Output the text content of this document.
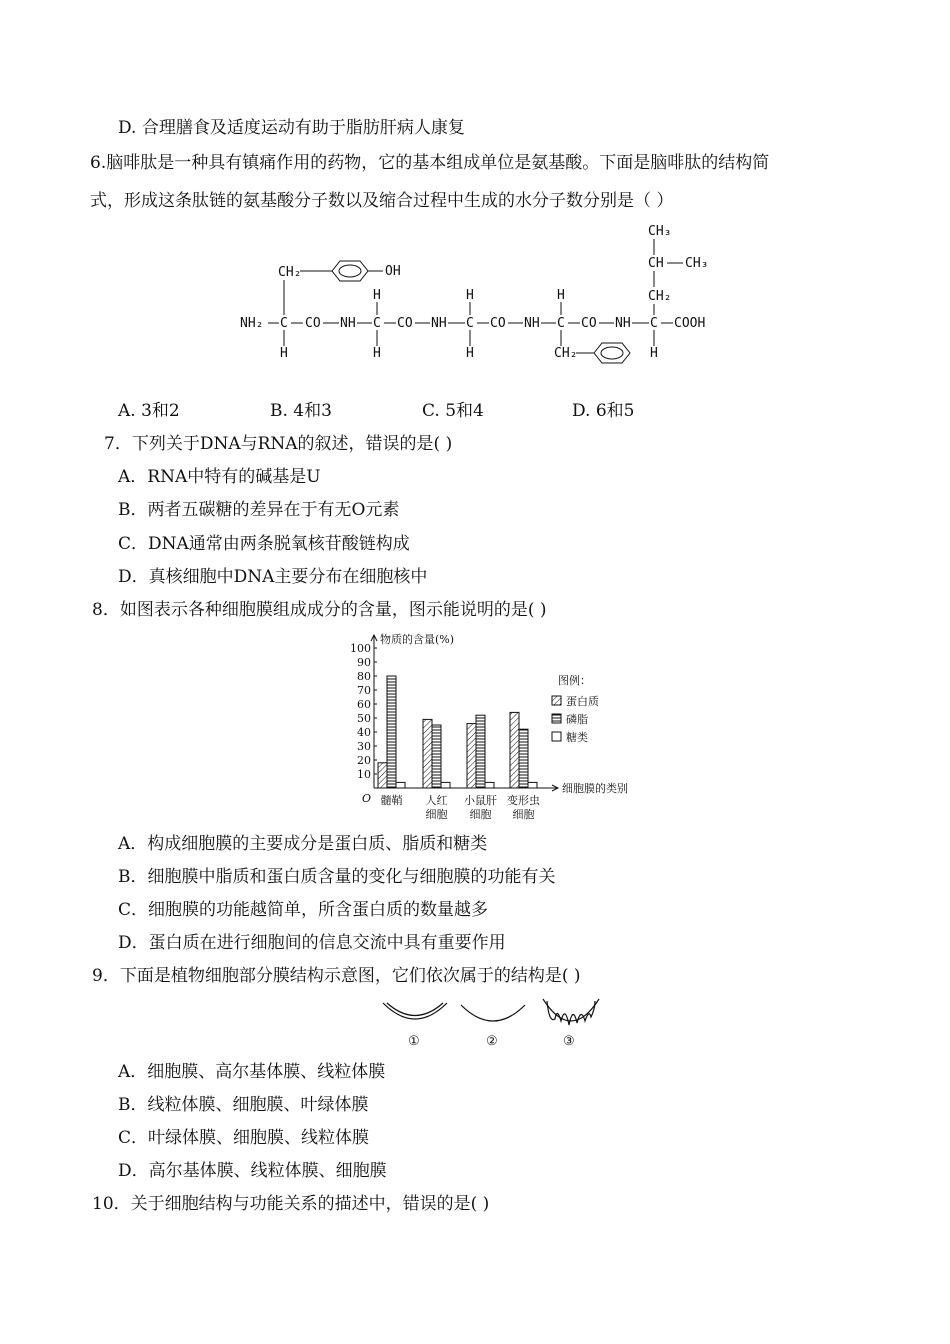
D. 合理膳食及适度运动有助于脂肪肝病人康复
6.脑啡肽是一种具有镇痛作用的药物，它的基本组成单位是氨基酸。下面是脑啡肽的结构简
式，形成这条肽链的氨基酸分子数以及缩合过程中生成的水分子数分别是（ ）
NH₂ C CO NH C CO NH C CO NH C CO NH C COOH
H
H
H
H
H
H
H
CH₂	OH
CH₂
CH₂
CH CH₃
CH₃
A. 3和2	B. 4和3	C. 5和4	D. 6和5
7．下列关于DNA与RNA的叙述，错误的是( )
A．RNA中特有的碱基是U
B．两者五碳糖的差异在于有无O元素
C．DNA通常由两条脱氧核苷酸链构成
D．真核细胞中DNA主要分布在细胞核中
8．如图表示各种细胞膜组成成分的含量，图示能说明的是( )
10
20
30
40
50
60
70
80
90
100
O
物质的含量(%)
细胞膜的类别
髓鞘 人红
细胞
小鼠肝
细胞
变形虫
细胞
图例：
蛋白质
磷脂
糖类
A．构成细胞膜的主要成分是蛋白质、脂质和糖类
B．细胞膜中脂质和蛋白质含量的变化与细胞膜的功能有关
C．细胞膜的功能越简单，所含蛋白质的数量越多
D．蛋白质在进行细胞间的信息交流中具有重要作用
9．下面是植物细胞部分膜结构示意图，它们依次属于的结构是( )
①	②	③
A．细胞膜、高尔基体膜、线粒体膜
B．线粒体膜、细胞膜、叶绿体膜
C．叶绿体膜、细胞膜、线粒体膜
D．高尔基体膜、线粒体膜、细胞膜
10．关于细胞结构与功能关系的描述中，错误的是( )
